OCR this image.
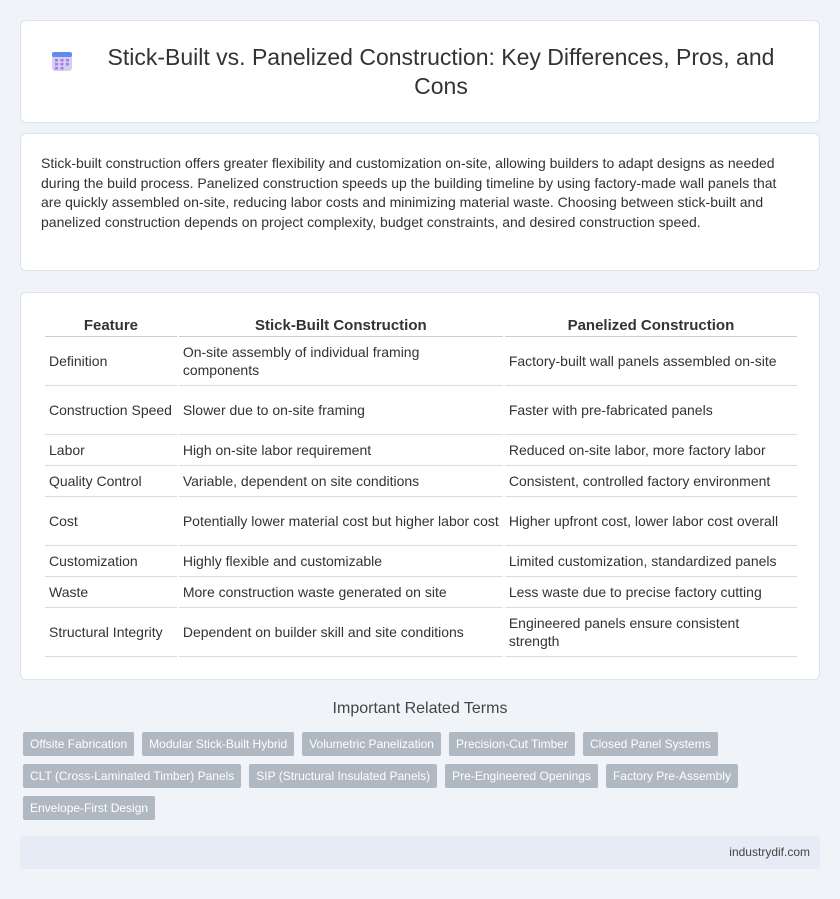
Stick-Built vs. Panelized Construction: Key Differences, Pros, and Cons

Stick-built construction offers greater flexibility and customization on-site, allowing builders to adapt designs as needed during the build process. Panelized construction speeds up the building timeline by using factory-made wall panels that are quickly assembled on-site, reducing labor costs and minimizing material waste. Choosing between stick-built and panelized construction depends on project complexity, budget constraints, and desired construction speed.

Feature	Stick-Built Construction	Panelized Construction
Definition	On-site assembly of individual framing components	Factory-built wall panels assembled on-site
Construction Speed	Slower due to on-site framing	Faster with pre-fabricated panels
Labor	High on-site labor requirement	Reduced on-site labor, more factory labor
Quality Control	Variable, dependent on site conditions	Consistent, controlled factory environment
Cost	Potentially lower material cost but higher labor cost	Higher upfront cost, lower labor cost overall
Customization	Highly flexible and customizable	Limited customization, standardized panels
Waste	More construction waste generated on site	Less waste due to precise factory cutting
Structural Integrity	Dependent on builder skill and site conditions	Engineered panels ensure consistent strength
Important Related Terms
Offsite Fabrication	Modular Stick-Built Hybrid	Volumetric Panelization	Precision-Cut Timber	Closed Panel Systems
CLT (Cross-Laminated Timber) Panels	SIP (Structural Insulated Panels)	Pre-Engineered Openings	Factory Pre-Assembly
Envelope-First Design
industrydif.com
